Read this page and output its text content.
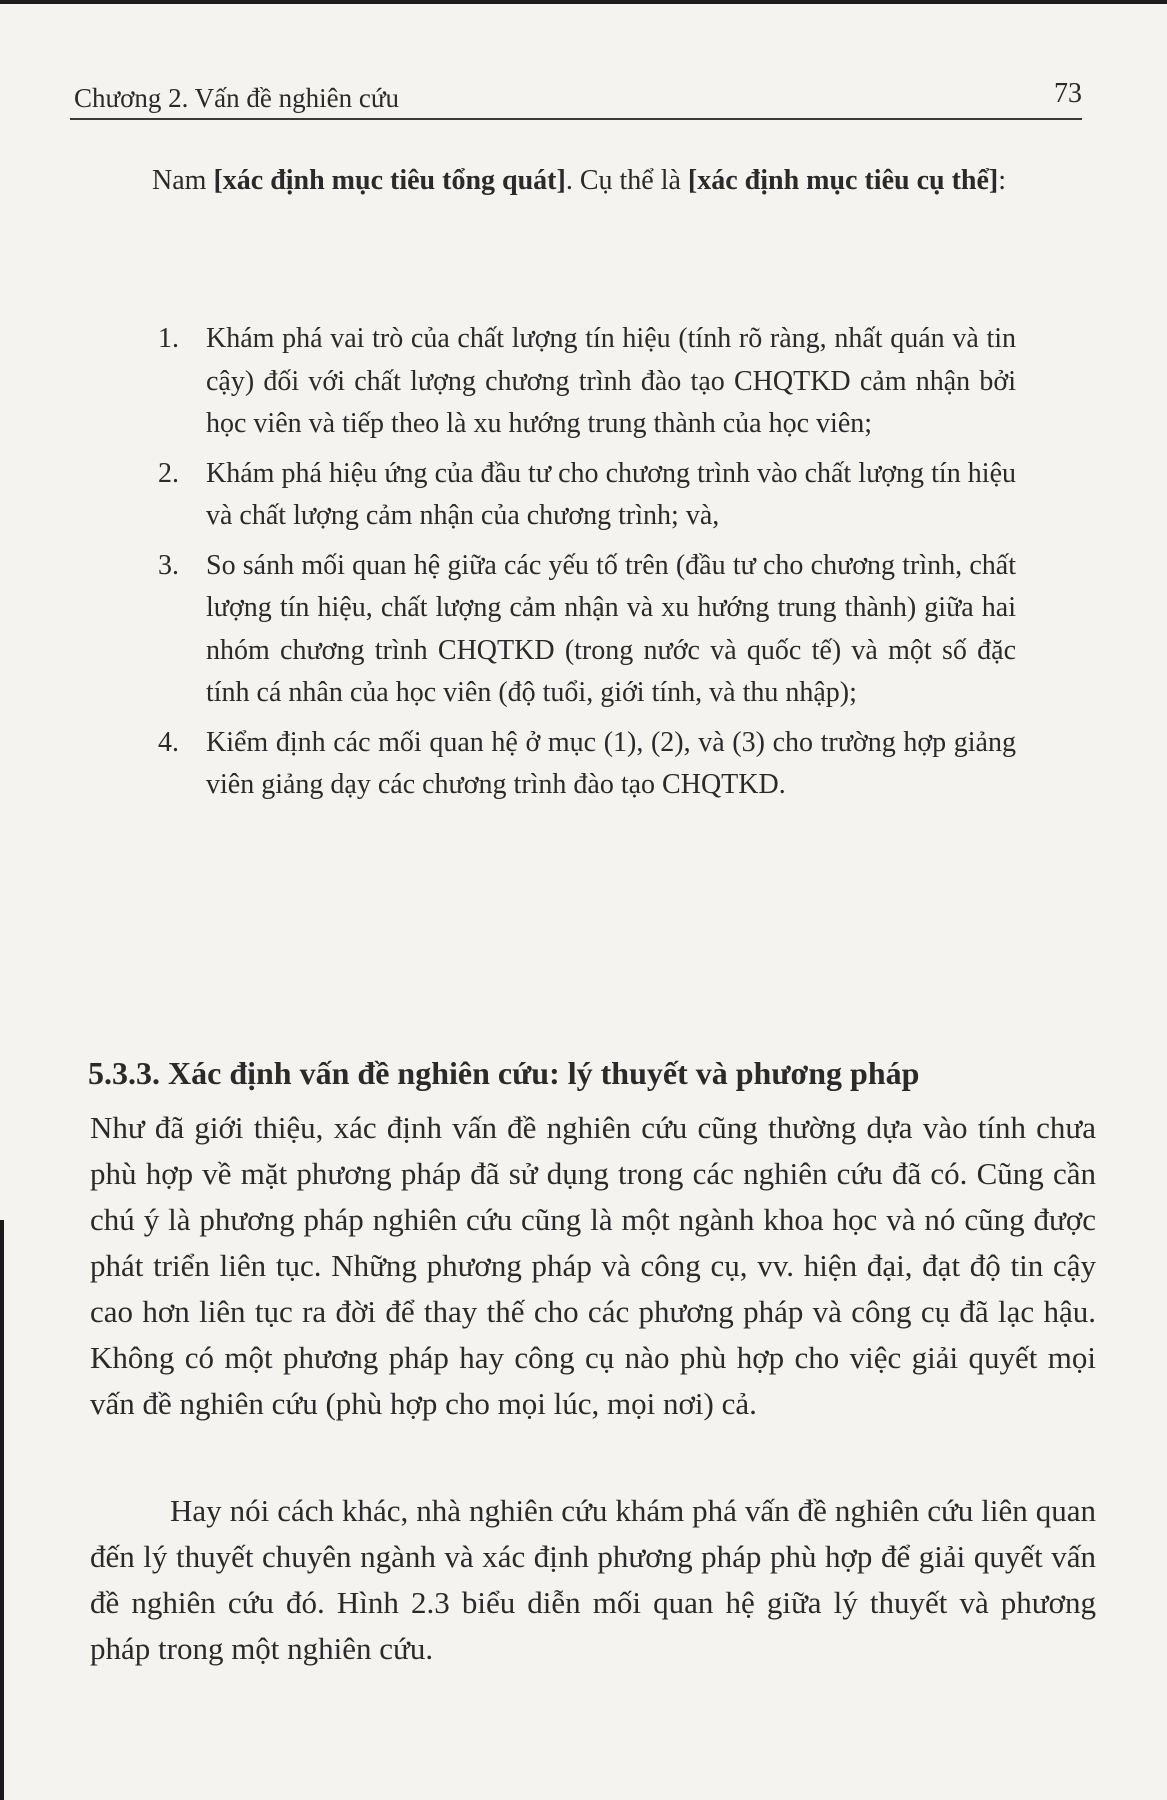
Chương 2. Vấn đề nghiên cứu	73
Nam [xác định mục tiêu tổng quát]. Cụ thể là [xác định mục tiêu cụ thể]:
1. Khám phá vai trò của chất lượng tín hiệu (tính rõ ràng, nhất quán và tin cậy) đối với chất lượng chương trình đào tạo CHQTKD cảm nhận bởi học viên và tiếp theo là xu hướng trung thành của học viên;
2. Khám phá hiệu ứng của đầu tư cho chương trình vào chất lượng tín hiệu và chất lượng cảm nhận của chương trình; và,
3. So sánh mối quan hệ giữa các yếu tố trên (đầu tư cho chương trình, chất lượng tín hiệu, chất lượng cảm nhận và xu hướng trung thành) giữa hai nhóm chương trình CHQTKD (trong nước và quốc tế) và một số đặc tính cá nhân của học viên (độ tuổi, giới tính, và thu nhập);
4. Kiểm định các mối quan hệ ở mục (1), (2), và (3) cho trường hợp giảng viên giảng dạy các chương trình đào tạo CHQTKD.
5.3.3. Xác định vấn đề nghiên cứu: lý thuyết và phương pháp

Như đã giới thiệu, xác định vấn đề nghiên cứu cũng thường dựa vào tính chưa phù hợp về mặt phương pháp đã sử dụng trong các nghiên cứu đã có. Cũng cần chú ý là phương pháp nghiên cứu cũng là một ngành khoa học và nó cũng được phát triển liên tục. Những phương pháp và công cụ, vv. hiện đại, đạt độ tin cậy cao hơn liên tục ra đời để thay thế cho các phương pháp và công cụ đã lạc hậu. Không có một phương pháp hay công cụ nào phù hợp cho việc giải quyết mọi vấn đề nghiên cứu (phù hợp cho mọi lúc, mọi nơi) cả.

Hay nói cách khác, nhà nghiên cứu khám phá vấn đề nghiên cứu liên quan đến lý thuyết chuyên ngành và xác định phương pháp phù hợp để giải quyết vấn đề nghiên cứu đó. Hình 2.3 biểu diễn mối quan hệ giữa lý thuyết và phương pháp trong một nghiên cứu.
